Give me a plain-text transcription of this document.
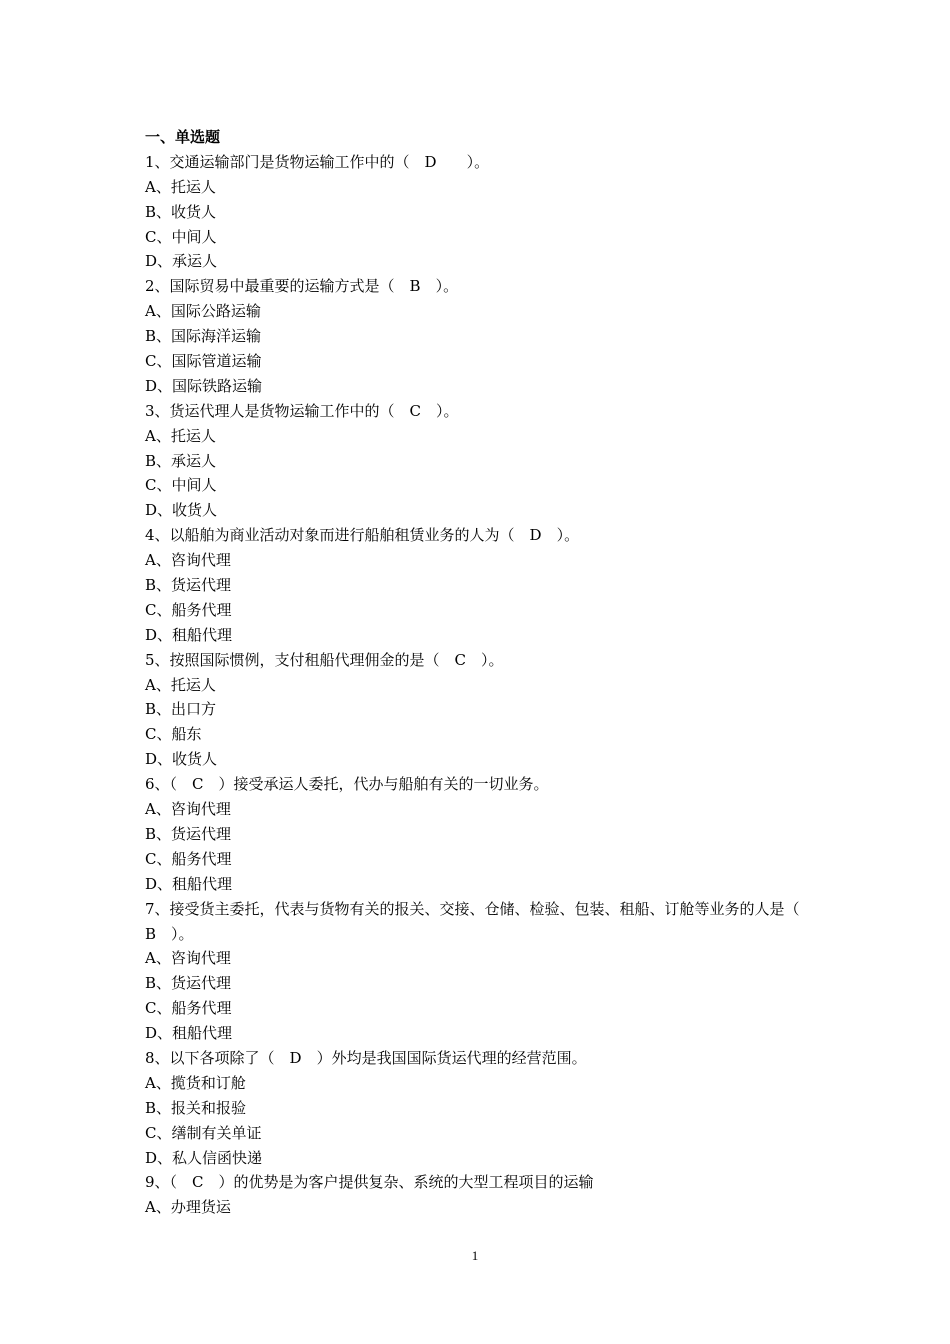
一、单选题
1、交通运输部门是货物运输工作中的（　D　　）。
A、托运人
B、收货人
C、中间人
D、承运人
2、国际贸易中最重要的运输方式是（　B　）。
A、国际公路运输
B、国际海洋运输
C、国际管道运输
D、国际铁路运输
3、货运代理人是货物运输工作中的（　C　）。
A、托运人
B、承运人
C、中间人
D、收货人
4、以船舶为商业活动对象而进行船舶租赁业务的人为（　D　）。
A、咨询代理
B、货运代理
C、船务代理
D、租船代理
5、按照国际惯例，支付租船代理佣金的是（　C　）。
A、托运人
B、出口方
C、船东
D、收货人
6、（　C　）接受承运人委托，代办与船舶有关的一切业务。
A、咨询代理
B、货运代理
C、船务代理
D、租船代理
7、接受货主委托，代表与货物有关的报关、交接、仓储、检验、包装、租船、订舱等业务的人是（　B　）。
A、咨询代理
B、货运代理
C、船务代理
D、租船代理
8、以下各项除了（　D　）外均是我国国际货运代理的经营范围。
A、揽货和订舱
B、报关和报验
C、缮制有关单证
D、私人信函快递
9、（　C　）的优势是为客户提供复杂、系统的大型工程项目的运输
A、办理货运
1
